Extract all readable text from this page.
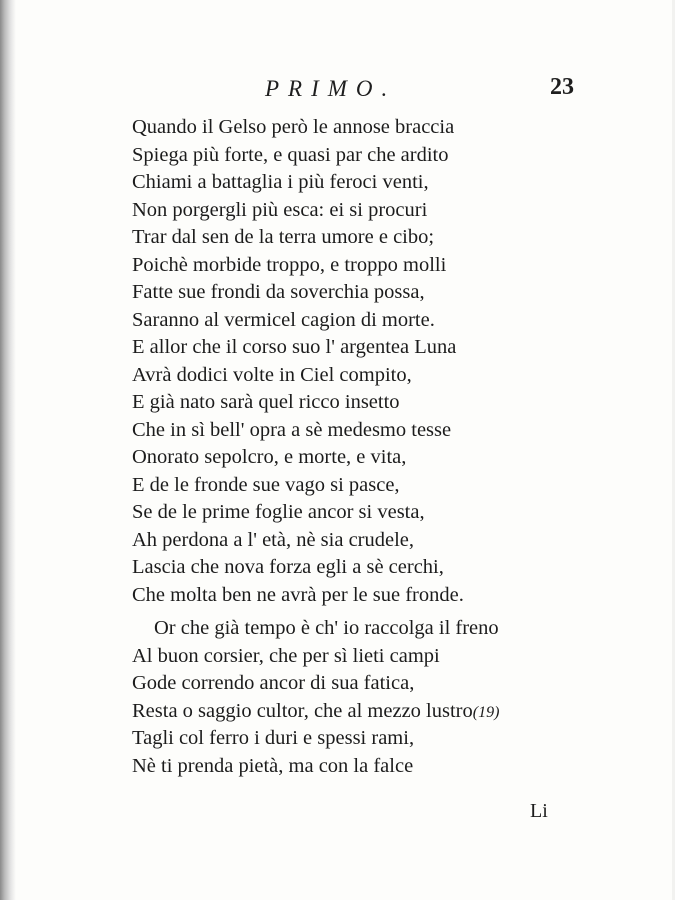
PRIMO.	23
Quando il Gelso però le annose braccia
Spiega più forte, e quasi par che ardito
Chiami a battaglia i più feroci venti,
Non porgergli più esca: ei si procuri
Trar dal sen de la terra umore e cibo;
Poichè morbide troppo, e troppo molli
Fatte sue frondi da soverchia possa,
Saranno al vermicel cagion di morte.
E allor che il corso suo l' argentea Luna
Avrà dodici volte in Ciel compito,
E già nato sarà quel ricco insetto
Che in sì bell' opra a sè medesmo tesse
Onorato sepolcro, e morte, e vita,
E de le fronde sue vago si pasce,
Se de le prime foglie ancor si vesta,
Ah perdona a l' età, nè sia crudele,
Lascia che nova forza egli a sè cerchi,
Che molta ben ne avrà per le sue fronde.
Or che già tempo è ch' io raccolga il freno
Al buon corsier, che per sì lieti campi
Gode correndo ancor di sua fatica,
Resta o saggio cultor, che al mezzo lustro(19)
Tagli col ferro i duri e spessi rami,
Nè ti prenda pietà, ma con la falce
Li
